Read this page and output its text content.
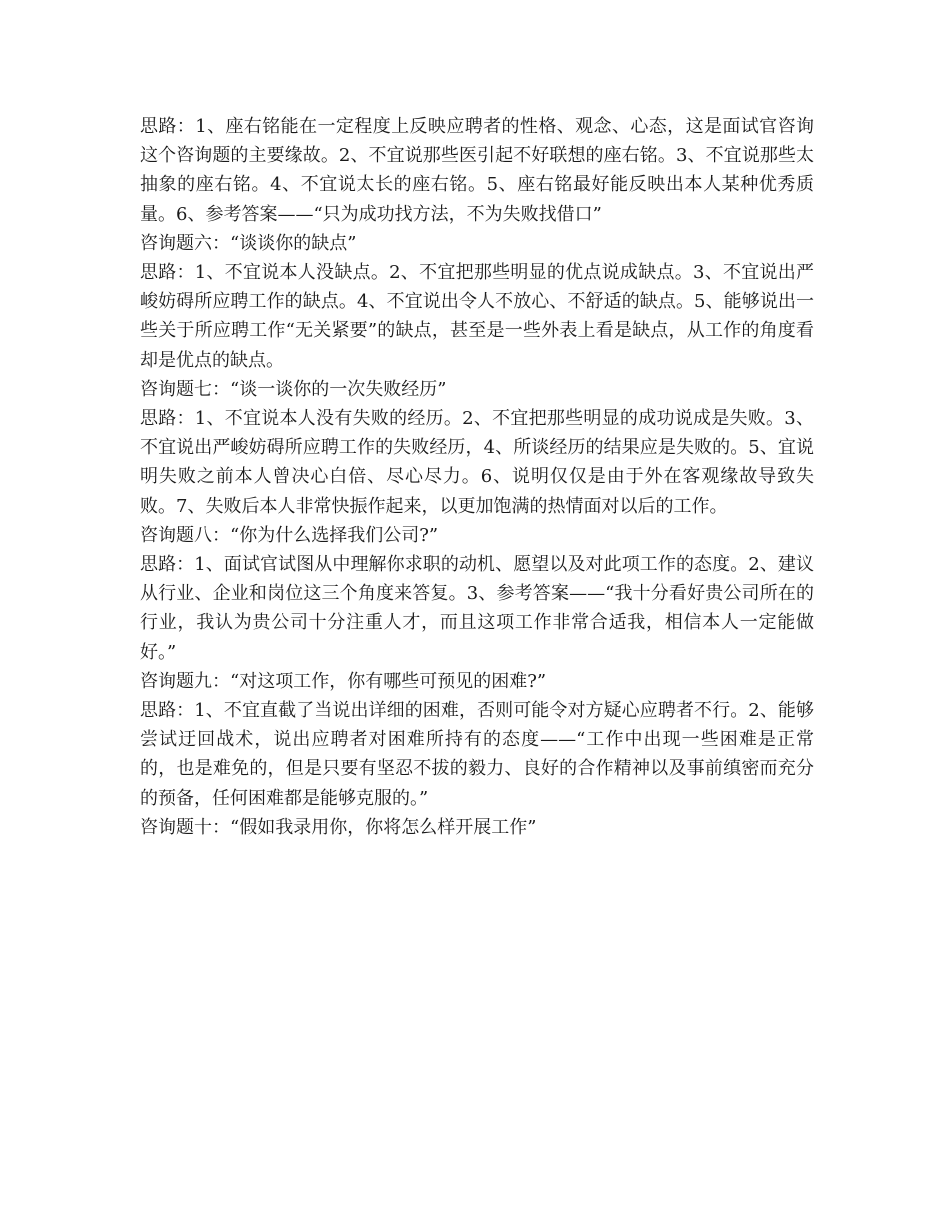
思路：1、座右铭能在一定程度上反映应聘者的性格、观念、心态，这是面试官咨询这个咨询题的主要缘故。2、不宜说那些医引起不好联想的座右铭。3、不宜说那些太抽象的座右铭。4、不宜说太长的座右铭。5、座右铭最好能反映出本人某种优秀质量。6、参考答案——“只为成功找方法，不为失败找借口”

咨询题六：“谈谈你的缺点”

思路：1、不宜说本人没缺点。2、不宜把那些明显的优点说成缺点。3、不宜说出严峻妨碍所应聘工作的缺点。4、不宜说出令人不放心、不舒适的缺点。5、能够说出一些关于所应聘工作“无关紧要”的缺点，甚至是一些外表上看是缺点，从工作的角度看却是优点的缺点。

咨询题七：“谈一谈你的一次失败经历”

思路：1、不宜说本人没有失败的经历。2、不宜把那些明显的成功说成是失败。3、不宜说出严峻妨碍所应聘工作的失败经历，4、所谈经历的结果应是失败的。5、宜说明失败之前本人曾决心白倍、尽心尽力。6、说明仅仅是由于外在客观缘故导致失败。7、失败后本人非常快振作起来，以更加饱满的热情面对以后的工作。

咨询题八：“你为什么选择我们公司?”

思路：1、面试官试图从中理解你求职的动机、愿望以及对此项工作的态度。2、建议从行业、企业和岗位这三个角度来答复。3、参考答案——“我十分看好贵公司所在的行业，我认为贵公司十分注重人才，而且这项工作非常合适我，相信本人一定能做好。”

咨询题九：“对这项工作，你有哪些可预见的困难?”

思路：1、不宜直截了当说出详细的困难，否则可能令对方疑心应聘者不行。2、能够尝试迂回战术，说出应聘者对困难所持有的态度——“工作中出现一些困难是正常的，也是难免的，但是只要有坚忍不拔的毅力、良好的合作精神以及事前缜密而充分的预备，任何困难都是能够克服的。”

咨询题十：“假如我录用你，你将怎么样开展工作”
